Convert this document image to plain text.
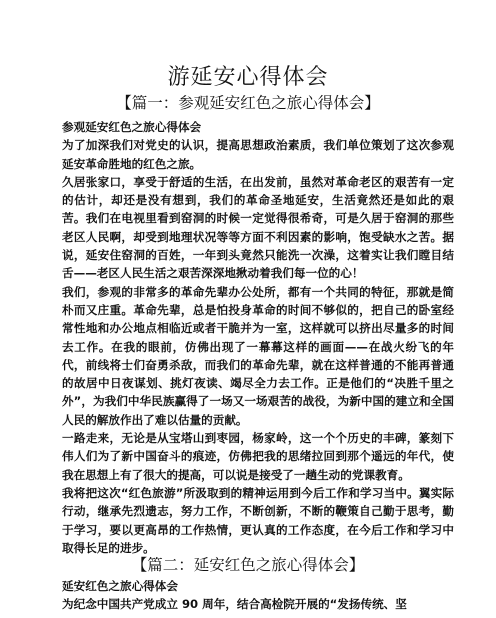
游延安心得体会
【篇一：参观延安红色之旅心得体会】

参观延安红色之旅心得体会

为了加深我们对党史的认识，提高思想政治素质，我们单位策划了这次参观延安革命胜地的红色之旅。

久居张家口，享受于舒适的生活，在出发前，虽然对革命老区的艰苦有一定的估计，却还是没有想到，我们的革命圣地延安，生活竟然还是如此的艰苦。我们在电视里看到窑洞的时候一定觉得很希奇，可是久居于窑洞的那些老区人民啊，却受到地理状况等等方面不利因素的影响，饱受缺水之苦。据说，延安住窑洞的百姓，一年到头竟然只能洗一次澡，这着实让我们瞠目结舌——老区人民生活之艰苦深深地揪动着我们每一位的心！

我们，参观的非常多的革命先辈办公处所，都有一个共同的特征，那就是简朴而又庄重。革命先辈，总是怕投身革命的时间不够似的，把自己的卧室经常性地和办公地点相临近或者干脆并为一室，这样就可以挤出尽量多的时间去工作。在我的眼前，仿佛出现了一幕幕这样的画面——在战火纷飞的年代，前线将士们奋勇杀敌，而我们的革命先辈，就在这样普通的不能再普通的故居中日夜谋划、挑灯夜读、竭尽全力去工作。正是他们的“决胜千里之外”，为我们中华民族赢得了一场又一场艰苦的战役，为新中国的建立和全国人民的解放作出了难以估量的贡献。

一路走来，无论是从宝塔山到枣园，杨家岭，这一个个历史的丰碑，篆刻下伟人们为了新中国奋斗的痕迹，仿佛把我的思绪拉回到那个遥远的年代，使我在思想上有了很大的提高，可以说是接受了一趟生动的党课教育。

我将把这次“红色旅游”所汲取到的精神运用到今后工作和学习当中。翼实际行动，继承先烈遗志，努力工作，不断创新，不断的鞭策自己勤于思考，勤于学习，要以更高昂的工作热情，更认真的工作态度，在今后工作和学习中取得长足的进步。

【篇二：延安红色之旅心得体会】

延安红色之旅心得体会

为纪念中国共产党成立 90 周年，结合高检院开展的“发扬传统、坚
